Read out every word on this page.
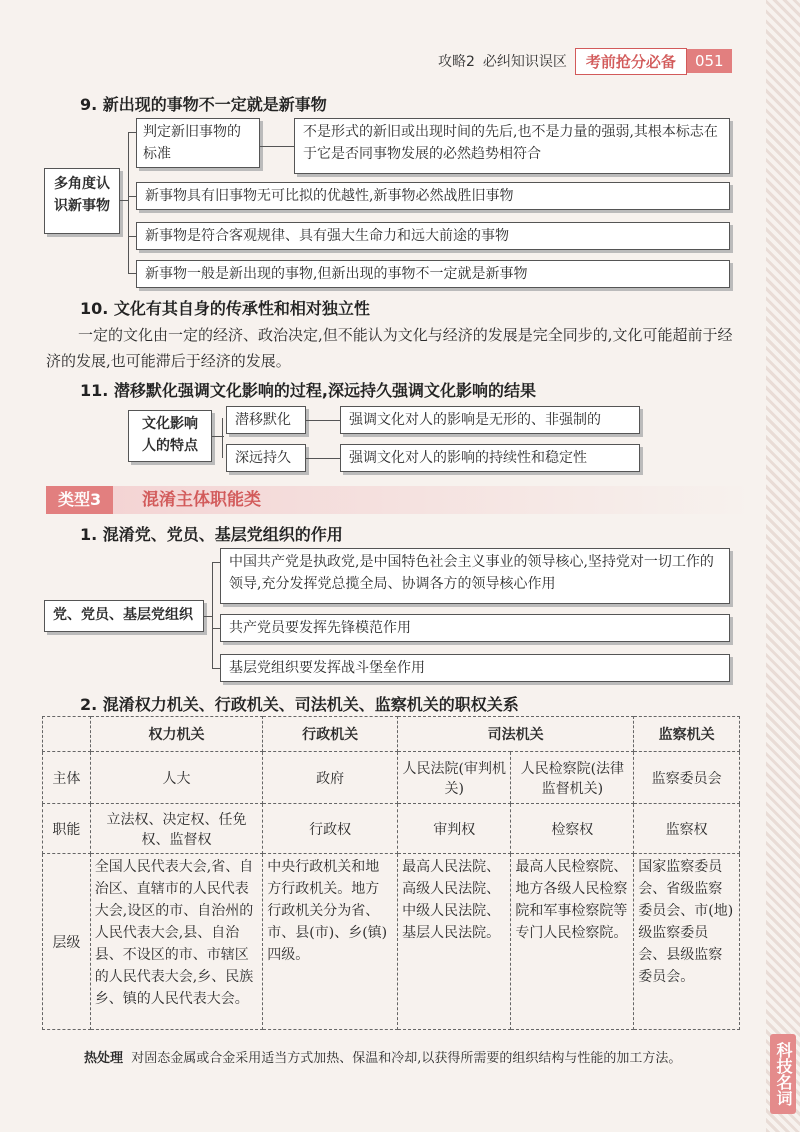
科技名词
攻略2 必纠知识误区	考前抢分必备	051
9. 新出现的事物不一定就是新事物
多角度认识新事物
判定新旧事物的标准
不是形式的新旧或出现时间的先后,也不是力量的强弱,其根本标志在于它是否同事物发展的必然趋势相符合
新事物具有旧事物无可比拟的优越性,新事物必然战胜旧事物
新事物是符合客观规律、具有强大生命力和远大前途的事物
新事物一般是新出现的事物,但新出现的事物不一定就是新事物
10. 文化有其自身的传承性和相对独立性
一定的文化由一定的经济、政治决定,但不能认为文化与经济的发展是完全同步的,文化可能超前于经济的发展,也可能滞后于经济的发展。
11. 潜移默化强调文化影响的过程,深远持久强调文化影响的结果
文化影响人的特点
潜移默化	强调文化对人的影响是无形的、非强制的
深远持久	强调文化对人的影响的持续性和稳定性
类型3	混淆主体职能类
1. 混淆党、党员、基层党组织的作用
党、党员、基层党组织
中国共产党是执政党,是中国特色社会主义事业的领导核心,坚持党对一切工作的领导,充分发挥党总揽全局、协调各方的领导核心作用
共产党员要发挥先锋模范作用
基层党组织要发挥战斗堡垒作用
2. 混淆权力机关、行政机关、司法机关、监察机关的职权关系
	权力机关	行政机关	司法机关		监察机关
主体	人大	政府	人民法院(审判机关)	人民检察院(法律监督机关)	监察委员会
职能	立法权、决定权、任免权、监督权	行政权	审判权	检察权	监察权
层级	全国人民代表大会,省、自治区、直辖市的人民代表大会,设区的市、自治州的人民代表大会,县、自治县、不设区的市、市辖区的人民代表大会,乡、民族乡、镇的人民代表大会。	中央行政机关和地方行政机关。地方行政机关分为省、市、县(市)、乡(镇)四级。	最高人民法院、高级人民法院、中级人民法院、基层人民法院。	最高人民检察院、地方各级人民检察院和军事检察院等专门人民检察院。	国家监察委员会、省级监察委员会、市(地)级监察委员会、县级监察委员会。
热处理 对固态金属或合金采用适当方式加热、保温和冷却,以获得所需要的组织结构与性能的加工方法。
